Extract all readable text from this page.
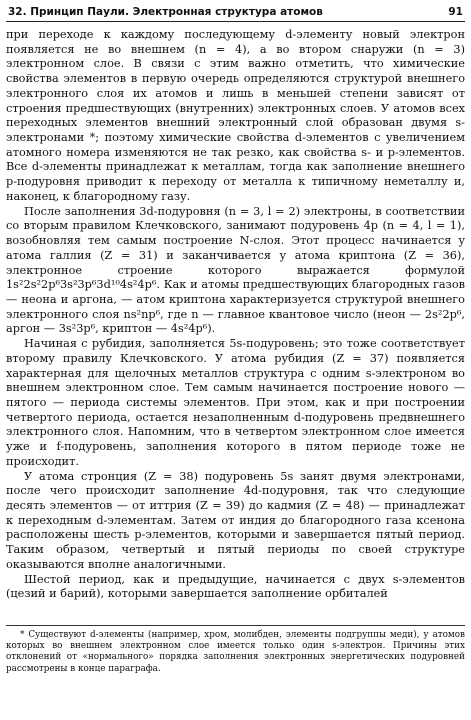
32. Принцип Паули. Электронная структура атомов	91

при переходе к каждому последующему d-элементу новый электрон появляется не во внешнем (n = 4), а во втором снаружи (n = 3) электронном слое. В связи с этим важно отметить, что химические свойства элементов в первую очередь определяются структурой внешнего электронного слоя их атомов и лишь в меньшей степени зависят от строения предшествующих (внутренних) электронных слоев. У атомов всех переходных элементов внешний электронный слой образован двумя s-электронами *; поэтому химические свойства d-элементов с увеличением атомного номера изменяются не так резко, как свойства s- и p-элементов. Все d-элементы принадлежат к металлам, тогда как заполнение внешнего p-подуровня приводит к переходу от металла к типичному неметаллу и, наконец, к благородному газу.

После заполнения 3d-подуровня (n = 3, l = 2) электроны, в соответствии со вторым правилом Клечковского, занимают подуровень 4p (n = 4, l = 1), возобновляя тем самым построение N-слоя. Этот процесс начинается у атома галлия (Z = 31) и заканчивается у атома криптона (Z = 36), электронное строение которого выражается формулой 1s²2s²2p⁶3s²3p⁶3d¹⁰4s²4p⁶. Как и атомы предшествующих благородных газов — неона и аргона, — атом криптона характеризуется структурой внешнего электронного слоя ns²np⁶, где n — главное квантовое число (неон — 2s²2p⁶, аргон — 3s²3p⁶, криптон — 4s²4p⁶).

Начиная с рубидия, заполняется 5s-подуровень; это тоже соответствует второму правилу Клечковского. У атома рубидия (Z = 37) появляется характерная для щелочных металлов структура с одним s-электроном во внешнем электронном слое. Тем самым начинается построение нового — пятого — периода системы элементов. При этом, как и при построении четвертого периода, остается незаполненным d-подуровень предвнешнего электронного слоя. Напомним, что в четвертом электронном слое имеется уже и f-подуровень, заполнения которого в пятом периоде тоже не происходит.

У атома стронция (Z = 38) подуровень 5s занят двумя электронами, после чего происходит заполнение 4d-подуровня, так что следующие десять элементов — от иттрия (Z = 39) до кадмия (Z = 48) — принадлежат к переходным d-элементам. Затем от индия до благородного газа ксенона расположены шесть p-элементов, которыми и завершается пятый период. Таким образом, четвертый и пятый периоды по своей структуре оказываются вполне аналогичными.

Шестой период, как и предыдущие, начинается с двух s-элементов (цезий и барий), которыми завершается заполнение орбиталей

* Существуют d-элементы (например, хром, молибден, элементы подгруппы меди), у атомов которых во внешнем электронном слое имеется только один s-электрон. Причины этих отклонений от «нормального» порядка заполнения электронных энергетических подуровней рассмотрены в конце параграфа.
